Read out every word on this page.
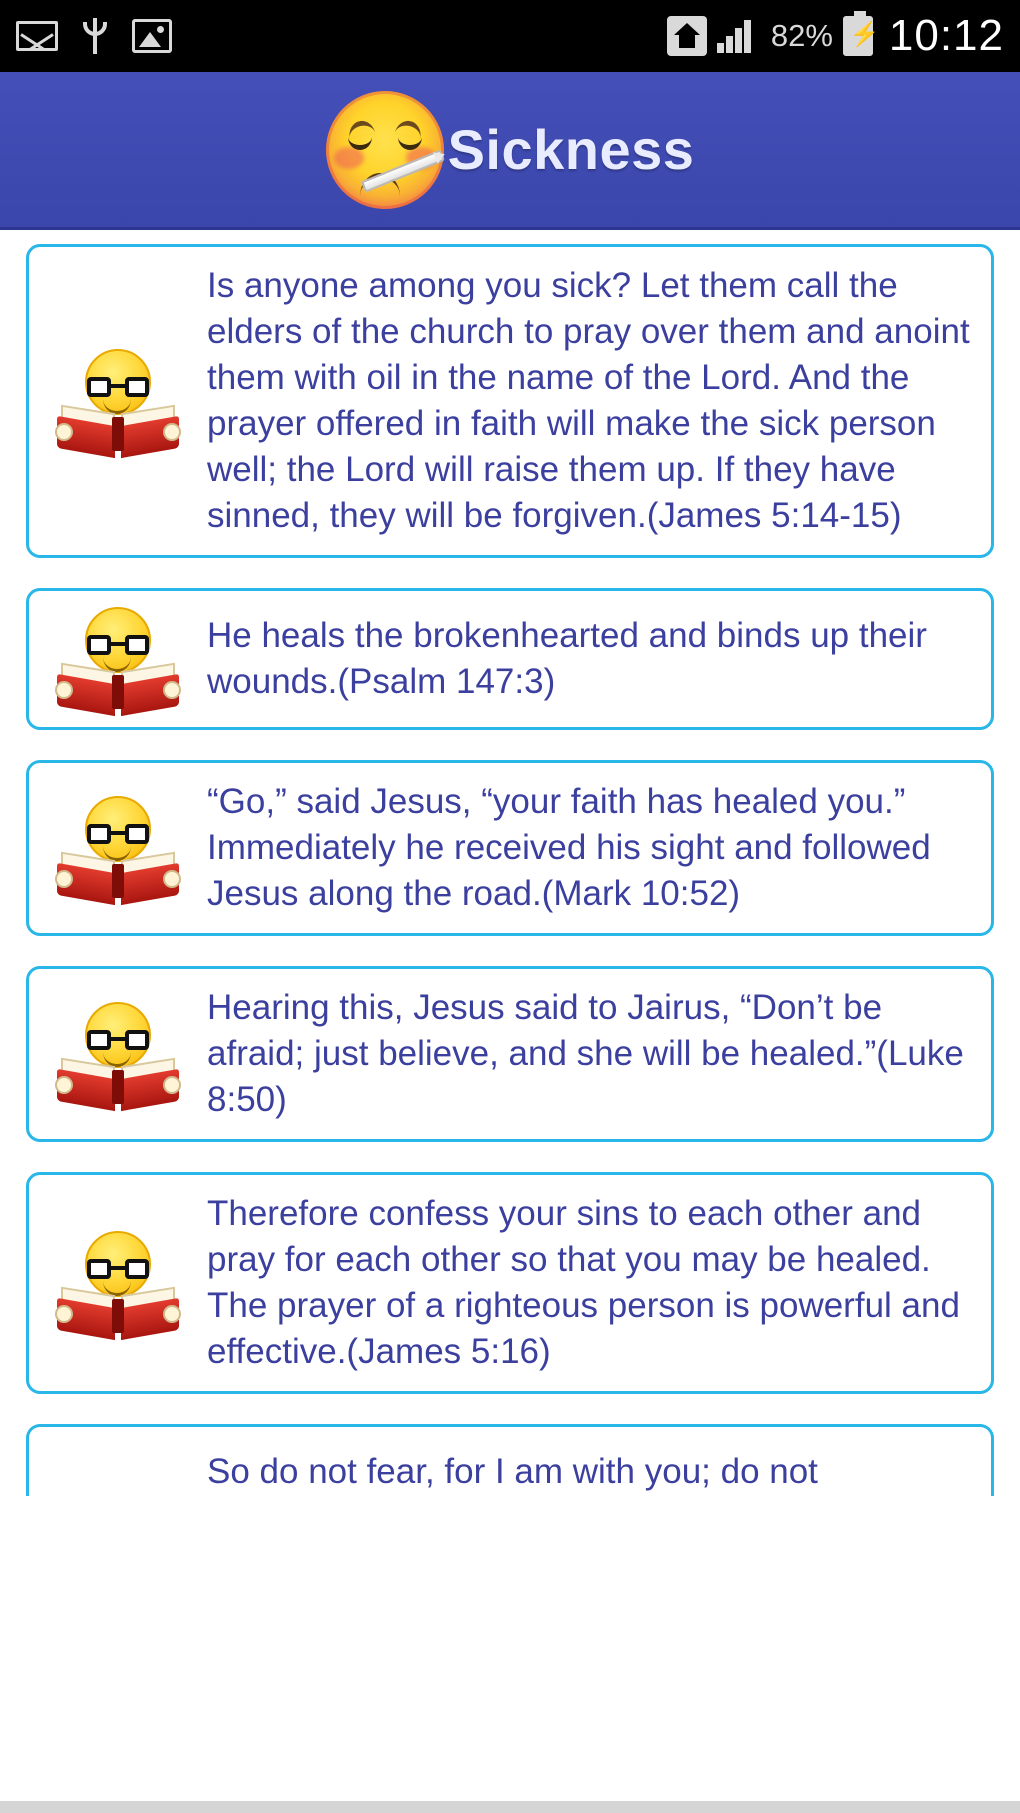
82% ⚡ 10:12
Sickness
Is anyone among you sick? Let them call the elders of the church to pray over them and anoint them with oil in the name of the Lord. And the prayer offered in faith will make the sick person well; the Lord will raise them up. If they have sinned, they will be forgiven.(James 5:14-15)
He heals the brokenhearted and binds up their wounds.(Psalm 147:3)
“Go,” said Jesus, “your faith has healed you.” Immediately he received his sight and followed Jesus along the road.(Mark 10:52)
Hearing this, Jesus said to Jairus, “Don’t be afraid; just believe, and she will be healed.”(Luke 8:50)
Therefore confess your sins to each other and pray for each other so that you may be healed. The prayer of a righteous person is powerful and effective.(James 5:16)
So do not fear, for I am with you; do not
